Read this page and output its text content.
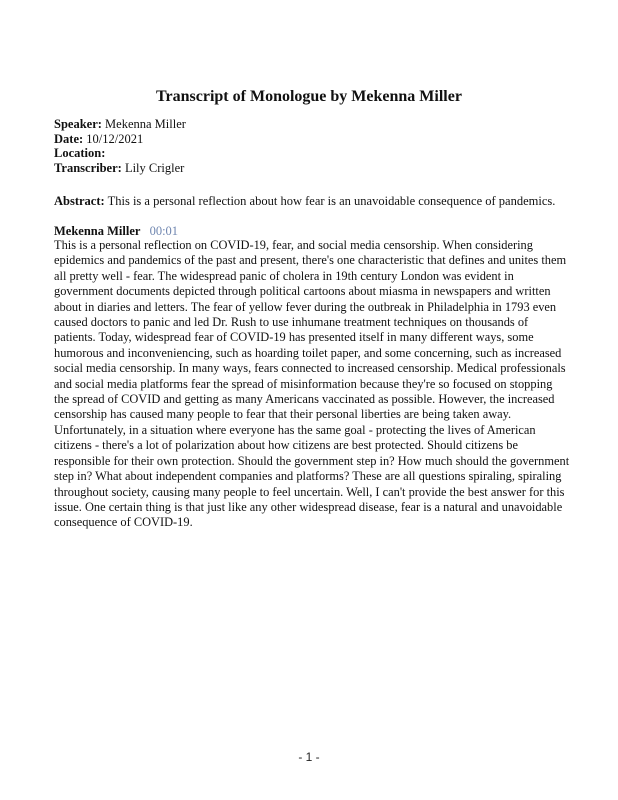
Transcript of Monologue by Mekenna Miller
Speaker: Mekenna Miller
Date: 10/12/2021
Location:
Transcriber: Lily Crigler
Abstract: This is a personal reflection about how fear is an unavoidable consequence of pandemics.
Mekenna Miller 00:01
This is a personal reflection on COVID-19, fear, and social media censorship. When considering epidemics and pandemics of the past and present, there's one characteristic that defines and unites them all pretty well - fear. The widespread panic of cholera in 19th century London was evident in government documents depicted through political cartoons about miasma in newspapers and written about in diaries and letters. The fear of yellow fever during the outbreak in Philadelphia in 1793 even caused doctors to panic and led Dr. Rush to use inhumane treatment techniques on thousands of patients. Today, widespread fear of COVID-19 has presented itself in many different ways, some humorous and inconveniencing, such as hoarding toilet paper, and some concerning, such as increased social media censorship. In many ways, fears connected to increased censorship. Medical professionals and social media platforms fear the spread of misinformation because they're so focused on stopping the spread of COVID and getting as many Americans vaccinated as possible. However, the increased censorship has caused many people to fear that their personal liberties are being taken away. Unfortunately, in a situation where everyone has the same goal - protecting the lives of American citizens - there's a lot of polarization about how citizens are best protected. Should citizens be responsible for their own protection. Should the government step in? How much should the government step in? What about independent companies and platforms? These are all questions spiraling, spiraling throughout society, causing many people to feel uncertain. Well, I can't provide the best answer for this issue. One certain thing is that just like any other widespread disease, fear is a natural and unavoidable consequence of COVID-19.
- 1 -
